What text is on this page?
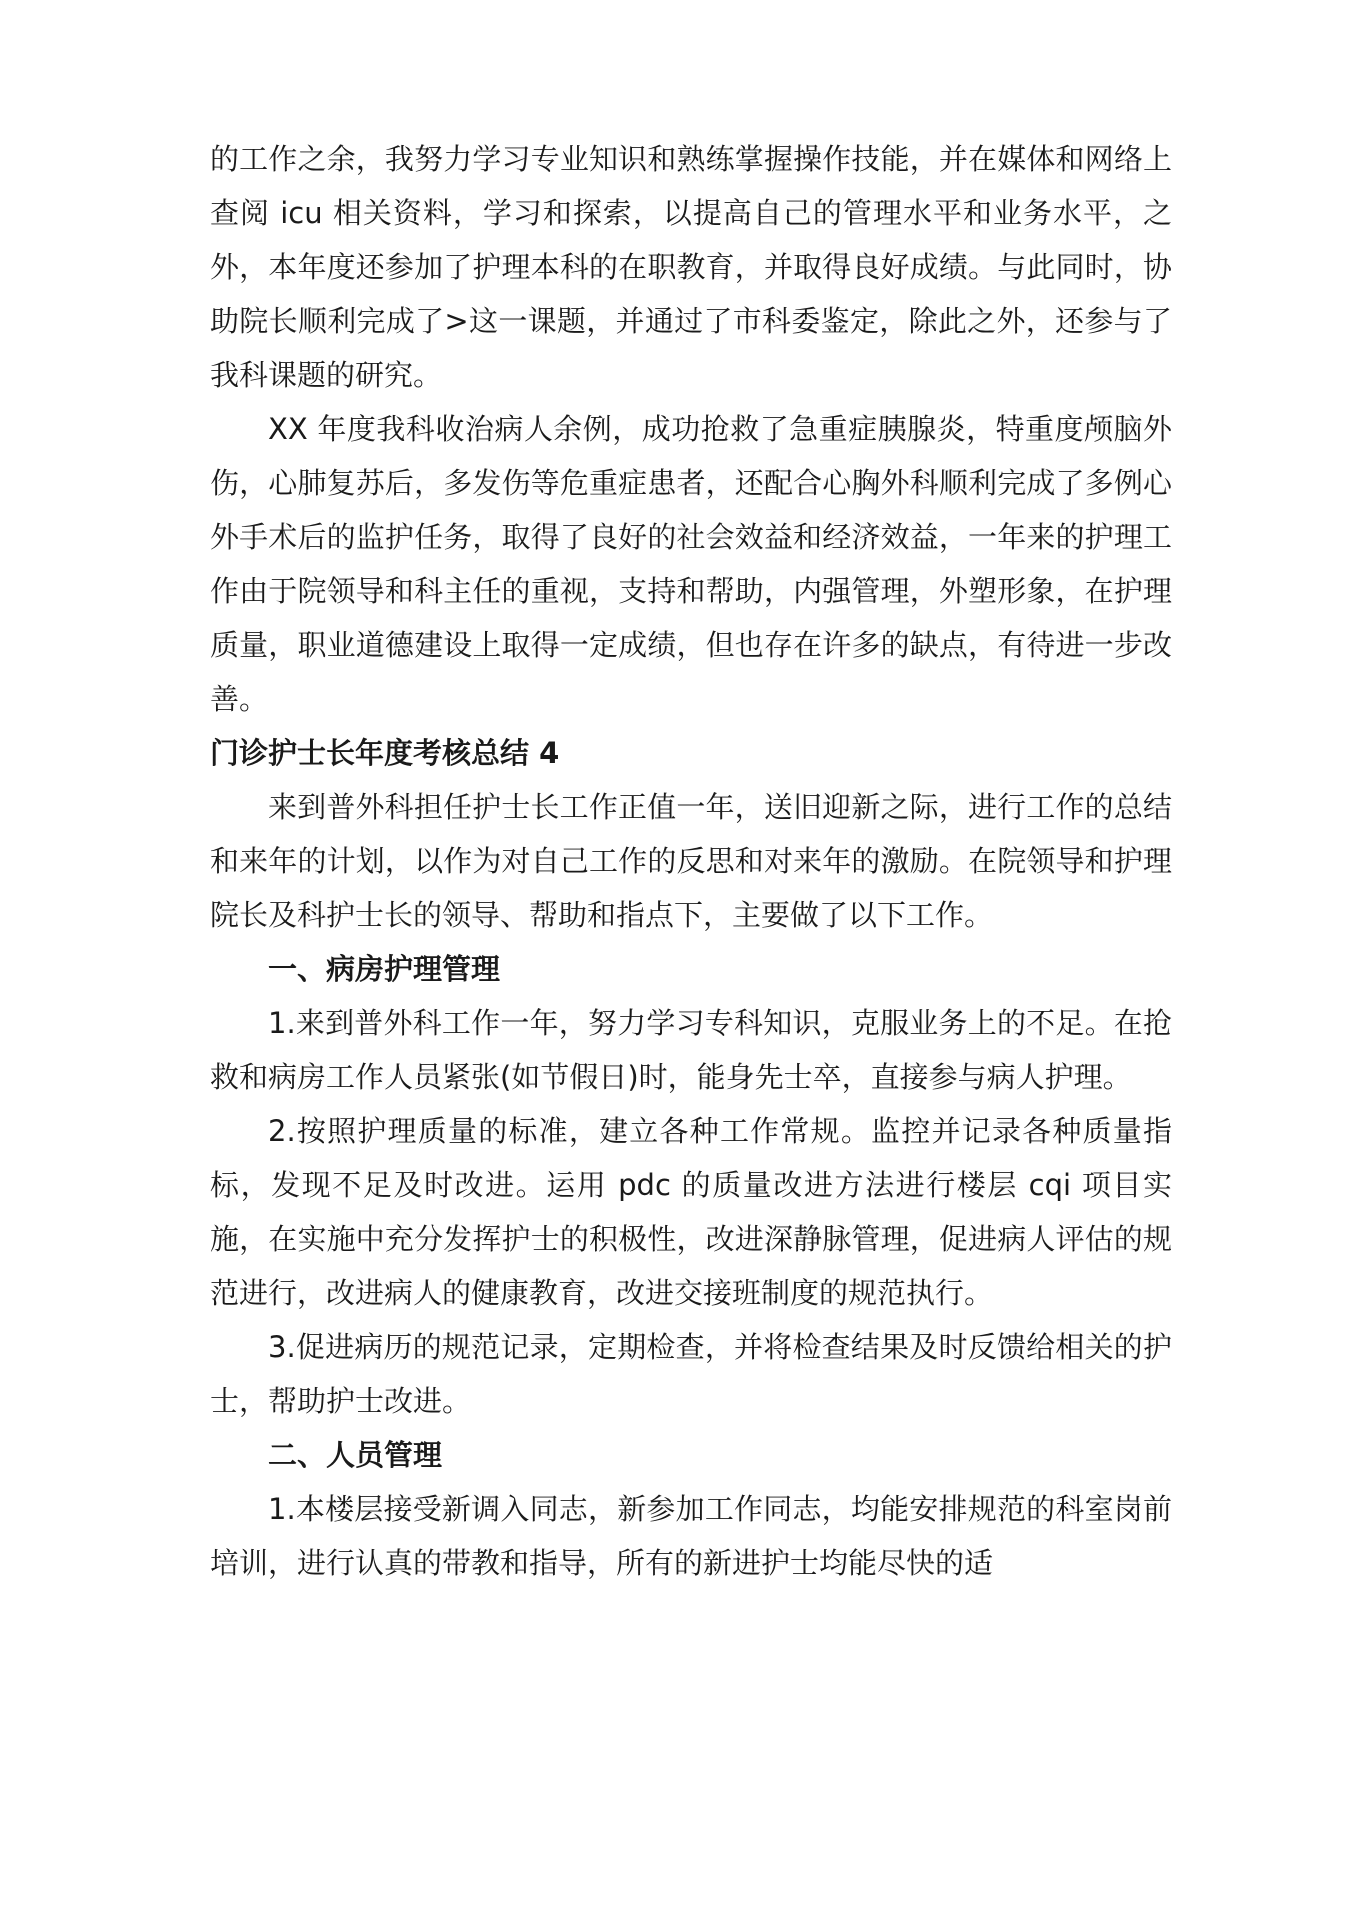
的工作之余，我努力学习专业知识和熟练掌握操作技能，并在媒体和网络上查阅 icu 相关资料，学习和探索，以提高自己的管理水平和业务水平，之外，本年度还参加了护理本科的在职教育，并取得良好成绩。与此同时，协助院长顺利完成了>这一课题，并通过了市科委鉴定，除此之外，还参与了我科课题的研究。

XX 年度我科收治病人余例，成功抢救了急重症胰腺炎，特重度颅脑外伤，心肺复苏后，多发伤等危重症患者，还配合心胸外科顺利完成了多例心外手术后的监护任务，取得了良好的社会效益和经济效益，一年来的护理工作由于院领导和科主任的重视，支持和帮助，内强管理，外塑形象，在护理质量，职业道德建设上取得一定成绩，但也存在许多的缺点，有待进一步改善。

门诊护士长年度考核总结 4

来到普外科担任护士长工作正值一年，送旧迎新之际，进行工作的总结和来年的计划，以作为对自己工作的反思和对来年的激励。在院领导和护理院长及科护士长的领导、帮助和指点下，主要做了以下工作。

一、病房护理管理

1.来到普外科工作一年，努力学习专科知识，克服业务上的不足。在抢救和病房工作人员紧张(如节假日)时，能身先士卒，直接参与病人护理。

2.按照护理质量的标准，建立各种工作常规。监控并记录各种质量指标，发现不足及时改进。运用 pdc 的质量改进方法进行楼层 cqi 项目实施，在实施中充分发挥护士的积极性，改进深静脉管理，促进病人评估的规范进行，改进病人的健康教育，改进交接班制度的规范执行。

3.促进病历的规范记录，定期检查，并将检查结果及时反馈给相关的护士，帮助护士改进。

二、人员管理

1.本楼层接受新调入同志，新参加工作同志，均能安排规范的科室岗前培训，进行认真的带教和指导，所有的新进护士均能尽快的适
